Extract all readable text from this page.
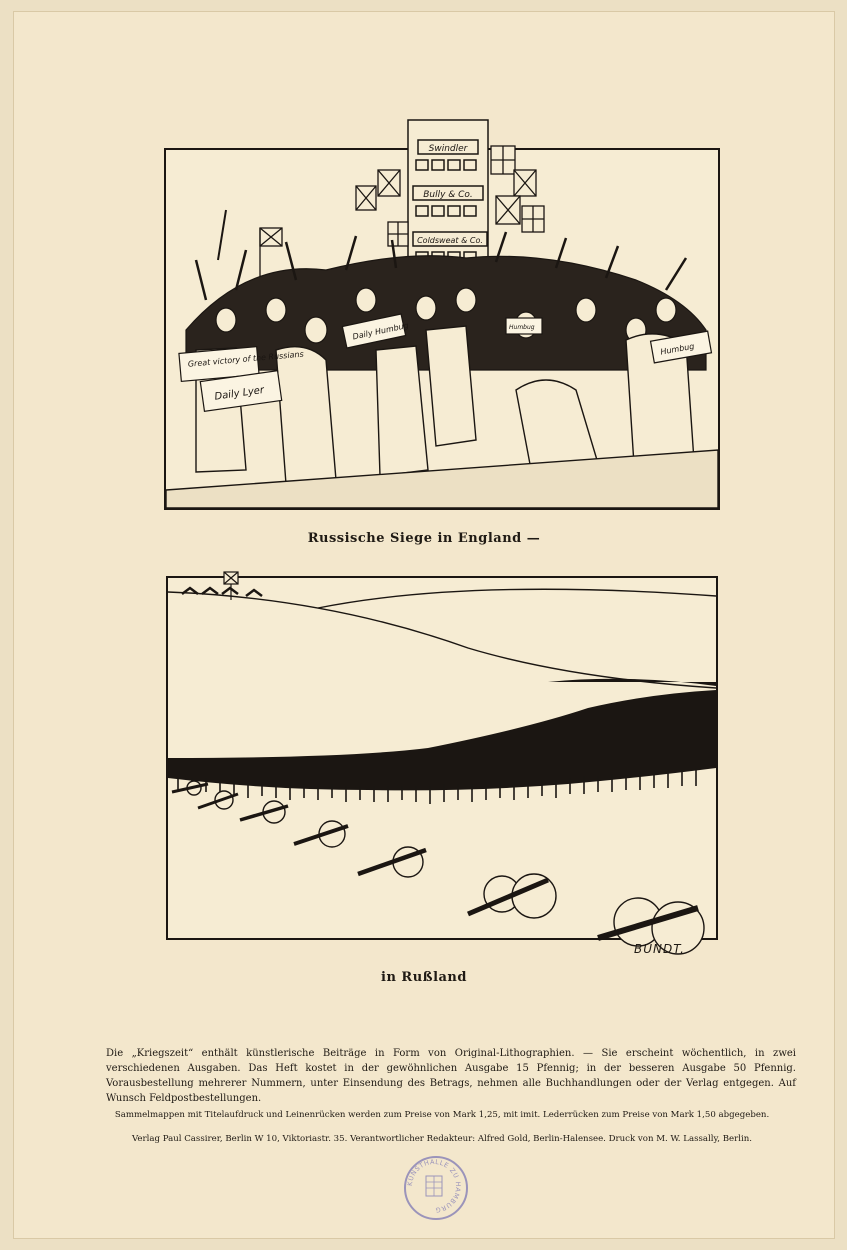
Swindler
Bully & Co.
Coldsweat & Co.
Great victory of the Russians
Daily Lyer
Daily Humbug	Humbug
Humbug
Russische Siege in England —
BUNDT.
in Rußland
Die „Kriegszeit“ enthält künstlerische Beiträge in Form von Original-Lithographien. — Sie erscheint wöchentlich, in zwei verschiedenen Ausgaben. Das Heft kostet in der gewöhnlichen Ausgabe 15 Pfennig; in der besseren Ausgabe 50 Pfennig. Vorausbestellung mehrerer Nummern, unter Einsendung des Betrags, nehmen alle Buchhandlungen oder der Verlag entgegen. Auf Wunsch Feldpostbestellungen.
Sammelmappen mit Titelaufdruck und Leinenrücken werden zum Preise von Mark 1,25, mit imit. Lederrücken zum Preise von Mark 1,50 abgegeben.
Verlag Paul Cassirer, Berlin W 10, Viktoriastr. 35. Verantwortlicher Redakteur: Alfred Gold, Berlin-Halensee. Druck von M. W. Lassally, Berlin.
KUNSTHALLE ZU HAMBURG
